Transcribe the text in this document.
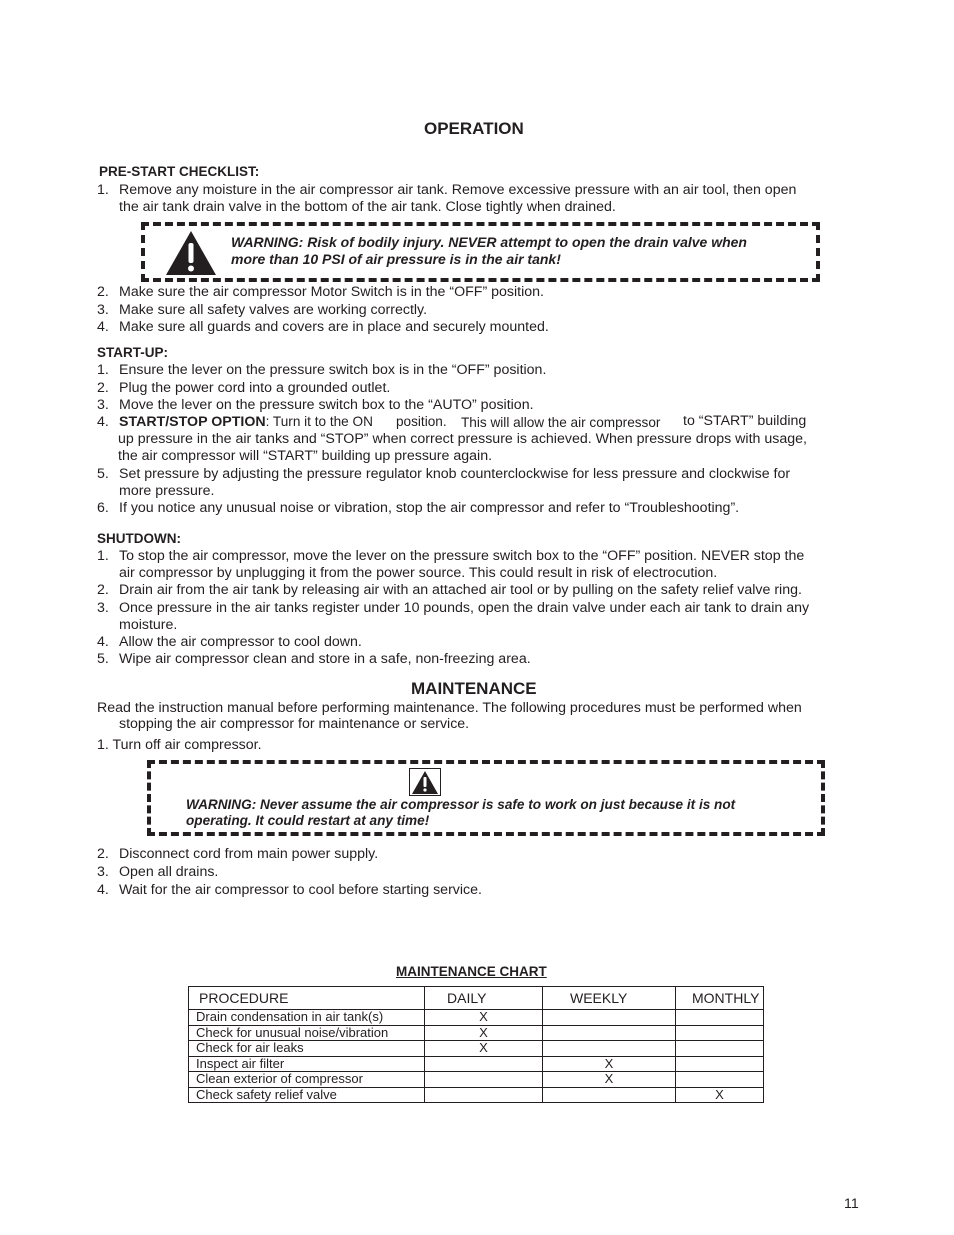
OPERATION
PRE-START CHECKLIST:
1. Remove any moisture in the air compressor air tank. Remove excessive pressure with an air tool, then open
the air tank drain valve in the bottom of the air tank. Close tightly when drained.
WARNING: Risk of bodily injury. NEVER attempt to open the drain valve when
more than 10 PSI of air pressure is in the air tank!
2. Make sure the air compressor Motor Switch is in the “OFF” position.
3. Make sure all safety valves are working correctly.
4. Make sure all guards and covers are in place and securely mounted.
START-UP:
1. Ensure the lever on the pressure switch box is in the “OFF” position.
2. Plug the power cord into a grounded outlet.
3. Move the lever on the pressure switch box to the “AUTO” position.
4. START/STOP OPTION: Turn it to the ON position. This will allow the air compressor to “START” building
up pressure in the air tanks and “STOP” when correct pressure is achieved. When pressure drops with usage,
the air compressor will “START” building up pressure again.
5. Set pressure by adjusting the pressure regulator knob counterclockwise for less pressure and clockwise for
more pressure.
6. If you notice any unusual noise or vibration, stop the air compressor and refer to “Troubleshooting”.
SHUTDOWN:
1. To stop the air compressor, move the lever on the pressure switch box to the “OFF” position. NEVER stop the
air compressor by unplugging it from the power source. This could result in risk of electrocution.
2. Drain air from the air tank by releasing air with an attached air tool or by pulling on the safety relief valve ring.
3. Once pressure in the air tanks register under 10 pounds, open the drain valve under each air tank to drain any
moisture.
4. Allow the air compressor to cool down.
5. Wipe air compressor clean and store in a safe, non-freezing area.
MAINTENANCE
Read the instruction manual before performing maintenance. The following procedures must be performed when
stopping the air compressor for maintenance or service.
1. Turn off air compressor.
WARNING: Never assume the air compressor is safe to work on just because it is not
operating. It could restart at any time!
2. Disconnect cord from main power supply.
3. Open all drains.
4. Wait for the air compressor to cool before starting service.
MAINTENANCE CHART
PROCEDURE	DAILY	WEEKLY	MONTHLY
Drain condensation in air tank(s)	X		
Check for unusual noise/vibration	X		
Check for air leaks	X		
Inspect air filter		X	
Clean exterior of compressor		X	
Check safety relief valve			X
11
